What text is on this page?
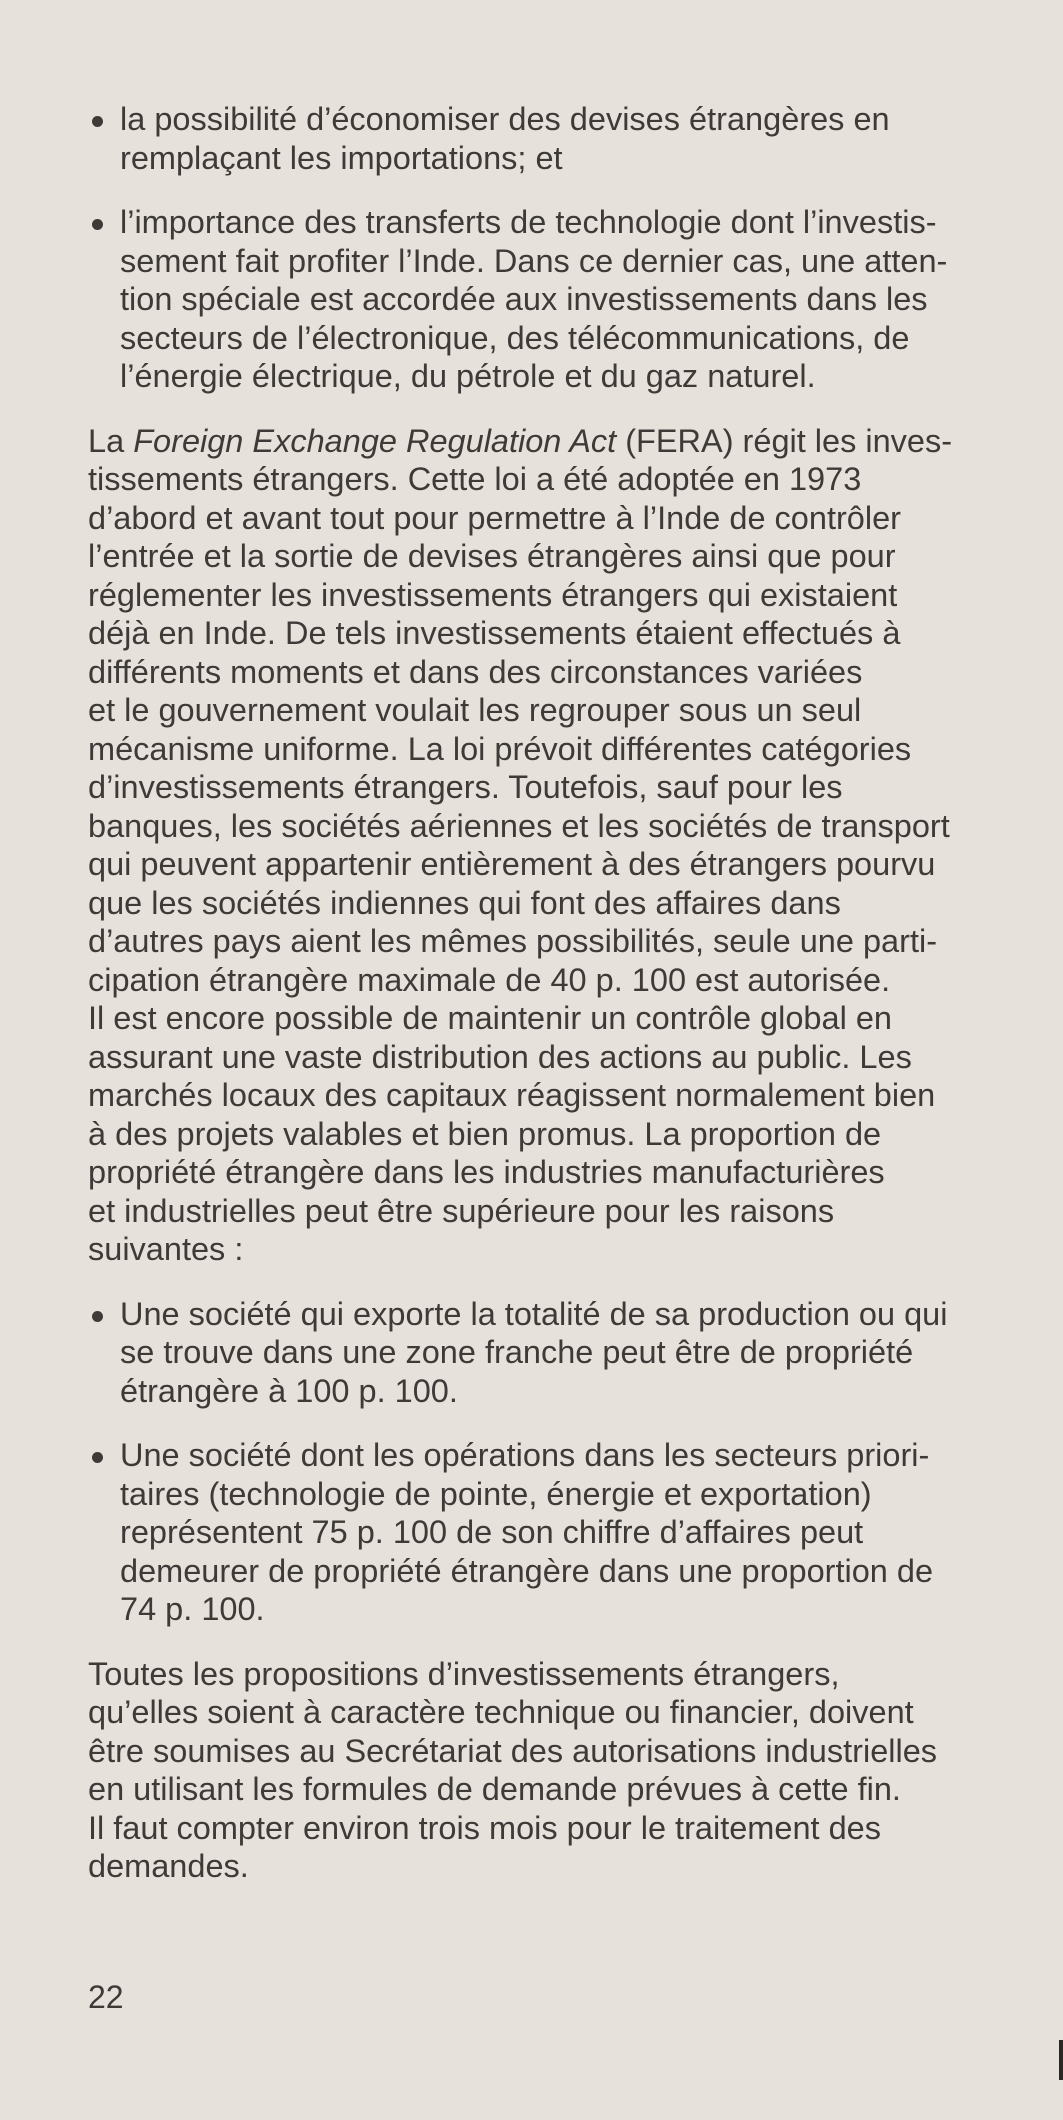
la possibilité d’économiser des devises étrangères en
remplaçant les importations; et
l’importance des transferts de technologie dont l’investis-
sement fait profiter l’Inde. Dans ce dernier cas, une atten-
tion spéciale est accordée aux investissements dans les
secteurs de l’électronique, des télécommunications, de
l’énergie électrique, du pétrole et du gaz naturel.

La Foreign Exchange Regulation Act (FERA) régit les inves-
tissements étrangers. Cette loi a été adoptée en 1973
d’abord et avant tout pour permettre à l’Inde de contrôler
l’entrée et la sortie de devises étrangères ainsi que pour
réglementer les investissements étrangers qui existaient
déjà en Inde. De tels investissements étaient effectués à
différents moments et dans des circonstances variées
et le gouvernement voulait les regrouper sous un seul
mécanisme uniforme. La loi prévoit différentes catégories
d’investissements étrangers. Toutefois, sauf pour les
banques, les sociétés aériennes et les sociétés de transport
qui peuvent appartenir entièrement à des étrangers pourvu
que les sociétés indiennes qui font des affaires dans
d’autres pays aient les mêmes possibilités, seule une parti-
cipation étrangère maximale de 40 p. 100 est autorisée.
Il est encore possible de maintenir un contrôle global en
assurant une vaste distribution des actions au public. Les
marchés locaux des capitaux réagissent normalement bien
à des projets valables et bien promus. La proportion de
propriété étrangère dans les industries manufacturières
et industrielles peut être supérieure pour les raisons
suivantes :

Une société qui exporte la totalité de sa production ou qui
se trouve dans une zone franche peut être de propriété
étrangère à 100 p. 100.
Une société dont les opérations dans les secteurs priori-
taires (technologie de pointe, énergie et exportation)
représentent 75 p. 100 de son chiffre d’affaires peut
demeurer de propriété étrangère dans une proportion de
74 p. 100.

Toutes les propositions d’investissements étrangers,
qu’elles soient à caractère technique ou financier, doivent
être soumises au Secrétariat des autorisations industrielles
en utilisant les formules de demande prévues à cette fin.
Il faut compter environ trois mois pour le traitement des
demandes.

22
